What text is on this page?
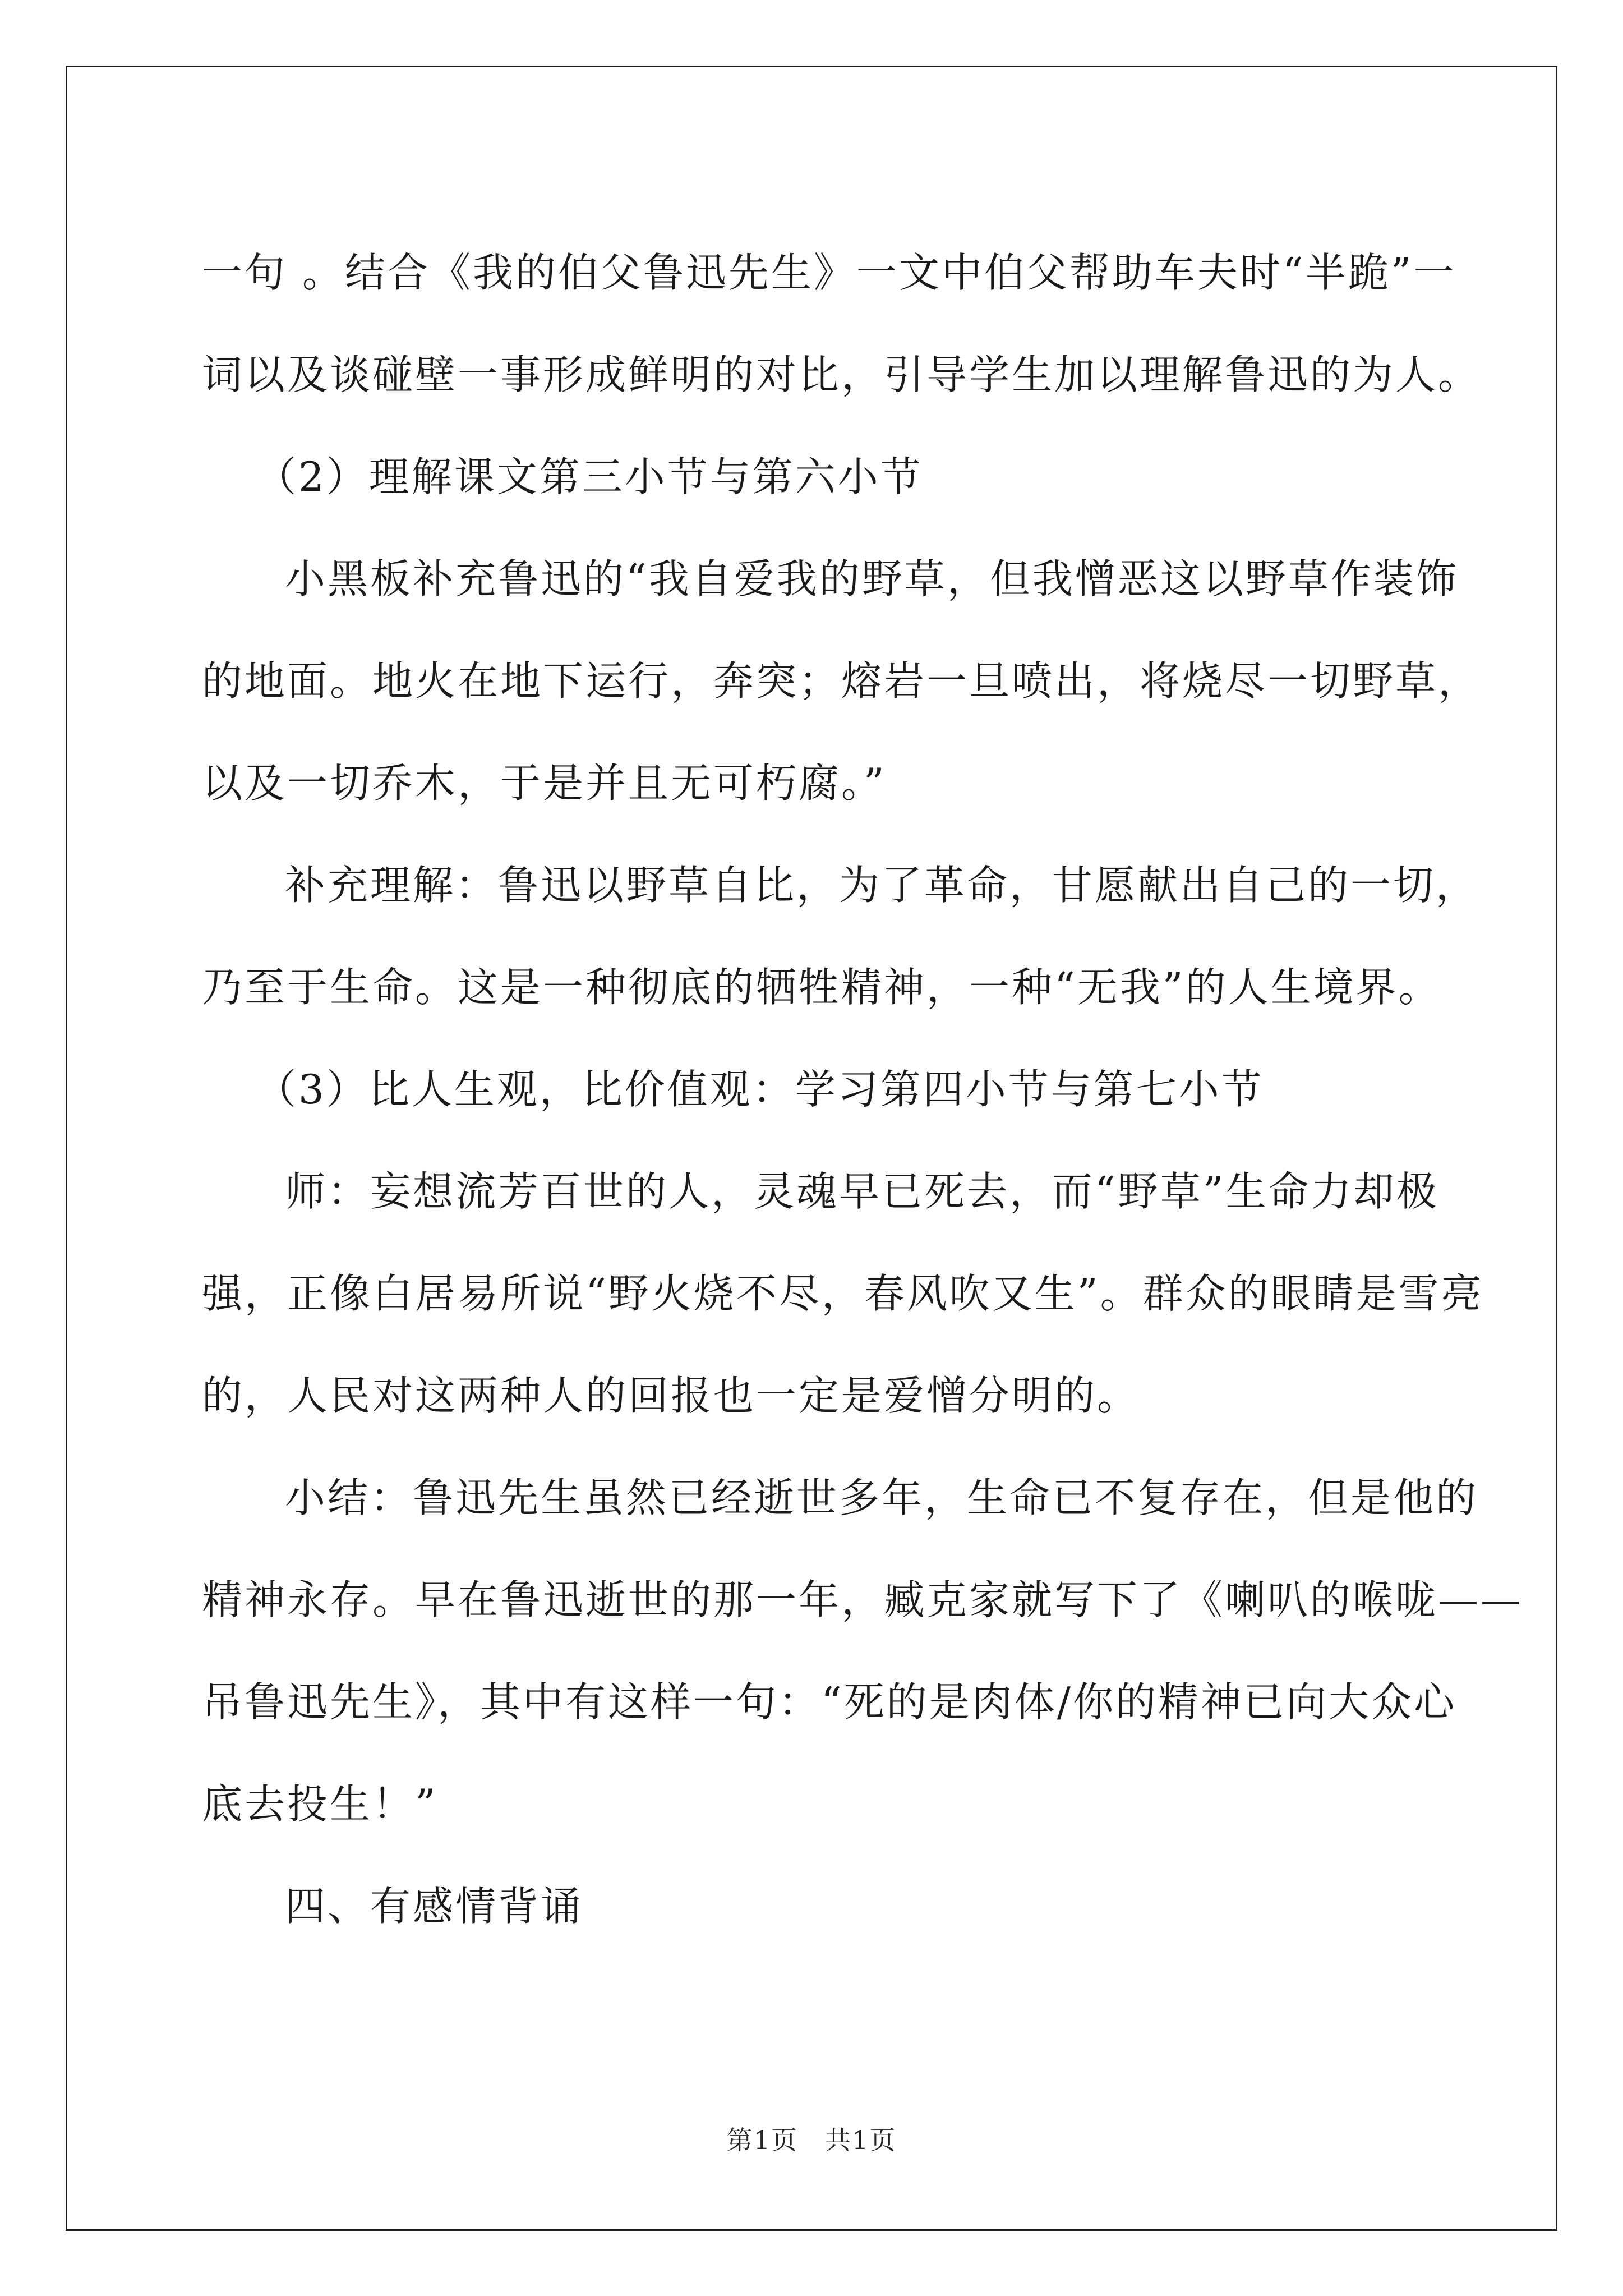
一句 。结合《我的伯父鲁迅先生》一文中伯父帮助车夫时“半跪”一

词以及谈碰壁一事形成鲜明的对比，引导学生加以理解鲁迅的为人。

（2）理解课文第三小节与第六小节

小黑板补充鲁迅的“我自爱我的野草，但我憎恶这以野草作装饰

的地面。地火在地下运行，奔突；熔岩一旦喷出，将烧尽一切野草，

以及一切乔木，于是并且无可朽腐。”

补充理解：鲁迅以野草自比，为了革命，甘愿献出自己的一切，

乃至于生命。这是一种彻底的牺牲精神，一种“无我”的人生境界。

（3）比人生观，比价值观：学习第四小节与第七小节

师：妄想流芳百世的人，灵魂早已死去，而“野草”生命力却极

强，正像白居易所说“野火烧不尽，春风吹又生”。群众的眼睛是雪亮

的，人民对这两种人的回报也一定是爱憎分明的。

小结：鲁迅先生虽然已经逝世多年，生命已不复存在，但是他的

精神永存。早在鲁迅逝世的那一年，臧克家就写下了《喇叭的喉咙——

吊鲁迅先生》，其中有这样一句：“死的是肉体/你的精神已向大众心

底去投生！”

四、有感情背诵

第1页　共1页
